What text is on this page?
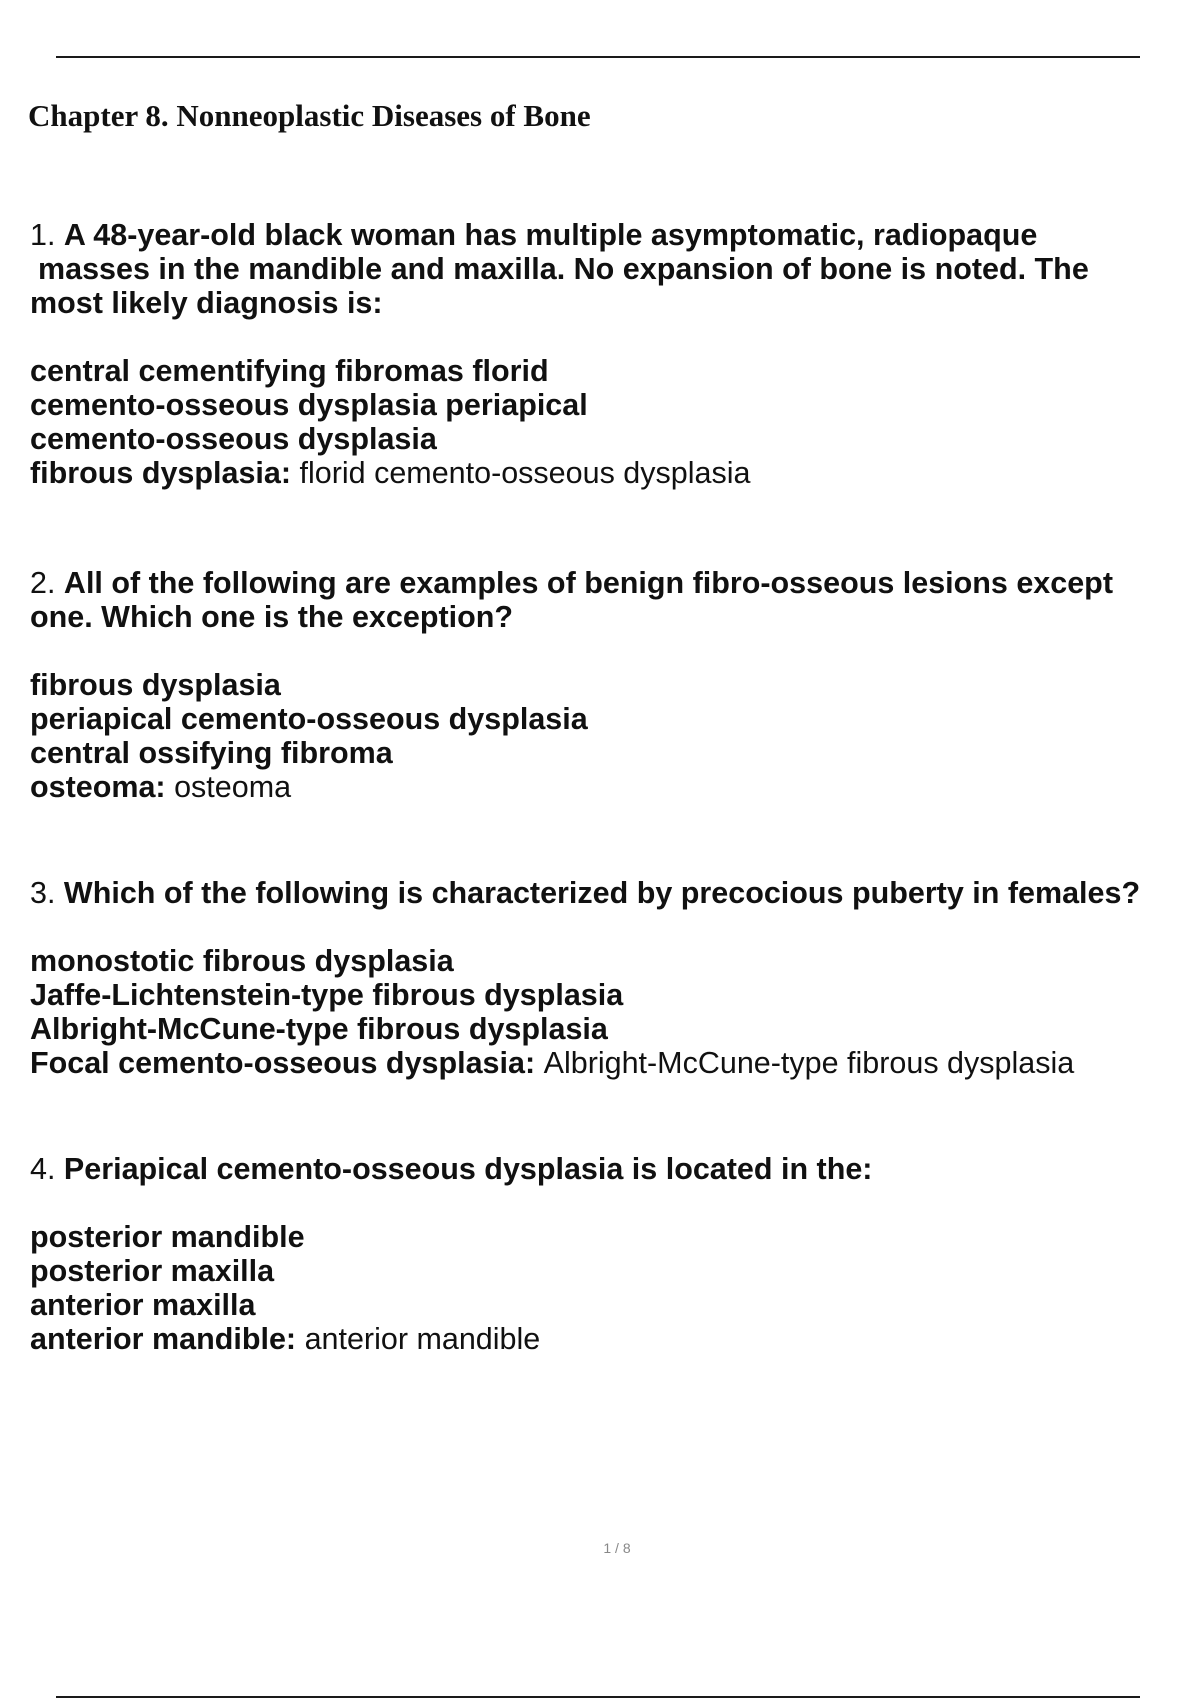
Chapter 8. Nonneoplastic Diseases of Bone

1. A 48-year-old black woman has multiple asymptomatic, radiopaque
masses in the mandible and maxilla. No expansion of bone is noted. The
most likely diagnosis is:

central cementifying fibromas florid
cemento-osseous dysplasia periapical
cemento-osseous dysplasia
fibrous dysplasia: florid cemento-osseous dysplasia

2. All of the following are examples of benign fibro-osseous lesions except
one. Which one is the exception?

fibrous dysplasia
periapical cemento-osseous dysplasia
central ossifying fibroma
osteoma: osteoma

3. Which of the following is characterized by precocious puberty in females?

monostotic fibrous dysplasia
Jaffe-Lichtenstein-type fibrous dysplasia
Albright-McCune-type fibrous dysplasia
Focal cemento-osseous dysplasia: Albright-McCune-type fibrous dysplasia

4. Periapical cemento-osseous dysplasia is located in the:

posterior mandible
posterior maxilla
anterior maxilla
anterior mandible: anterior mandible
1 / 8
